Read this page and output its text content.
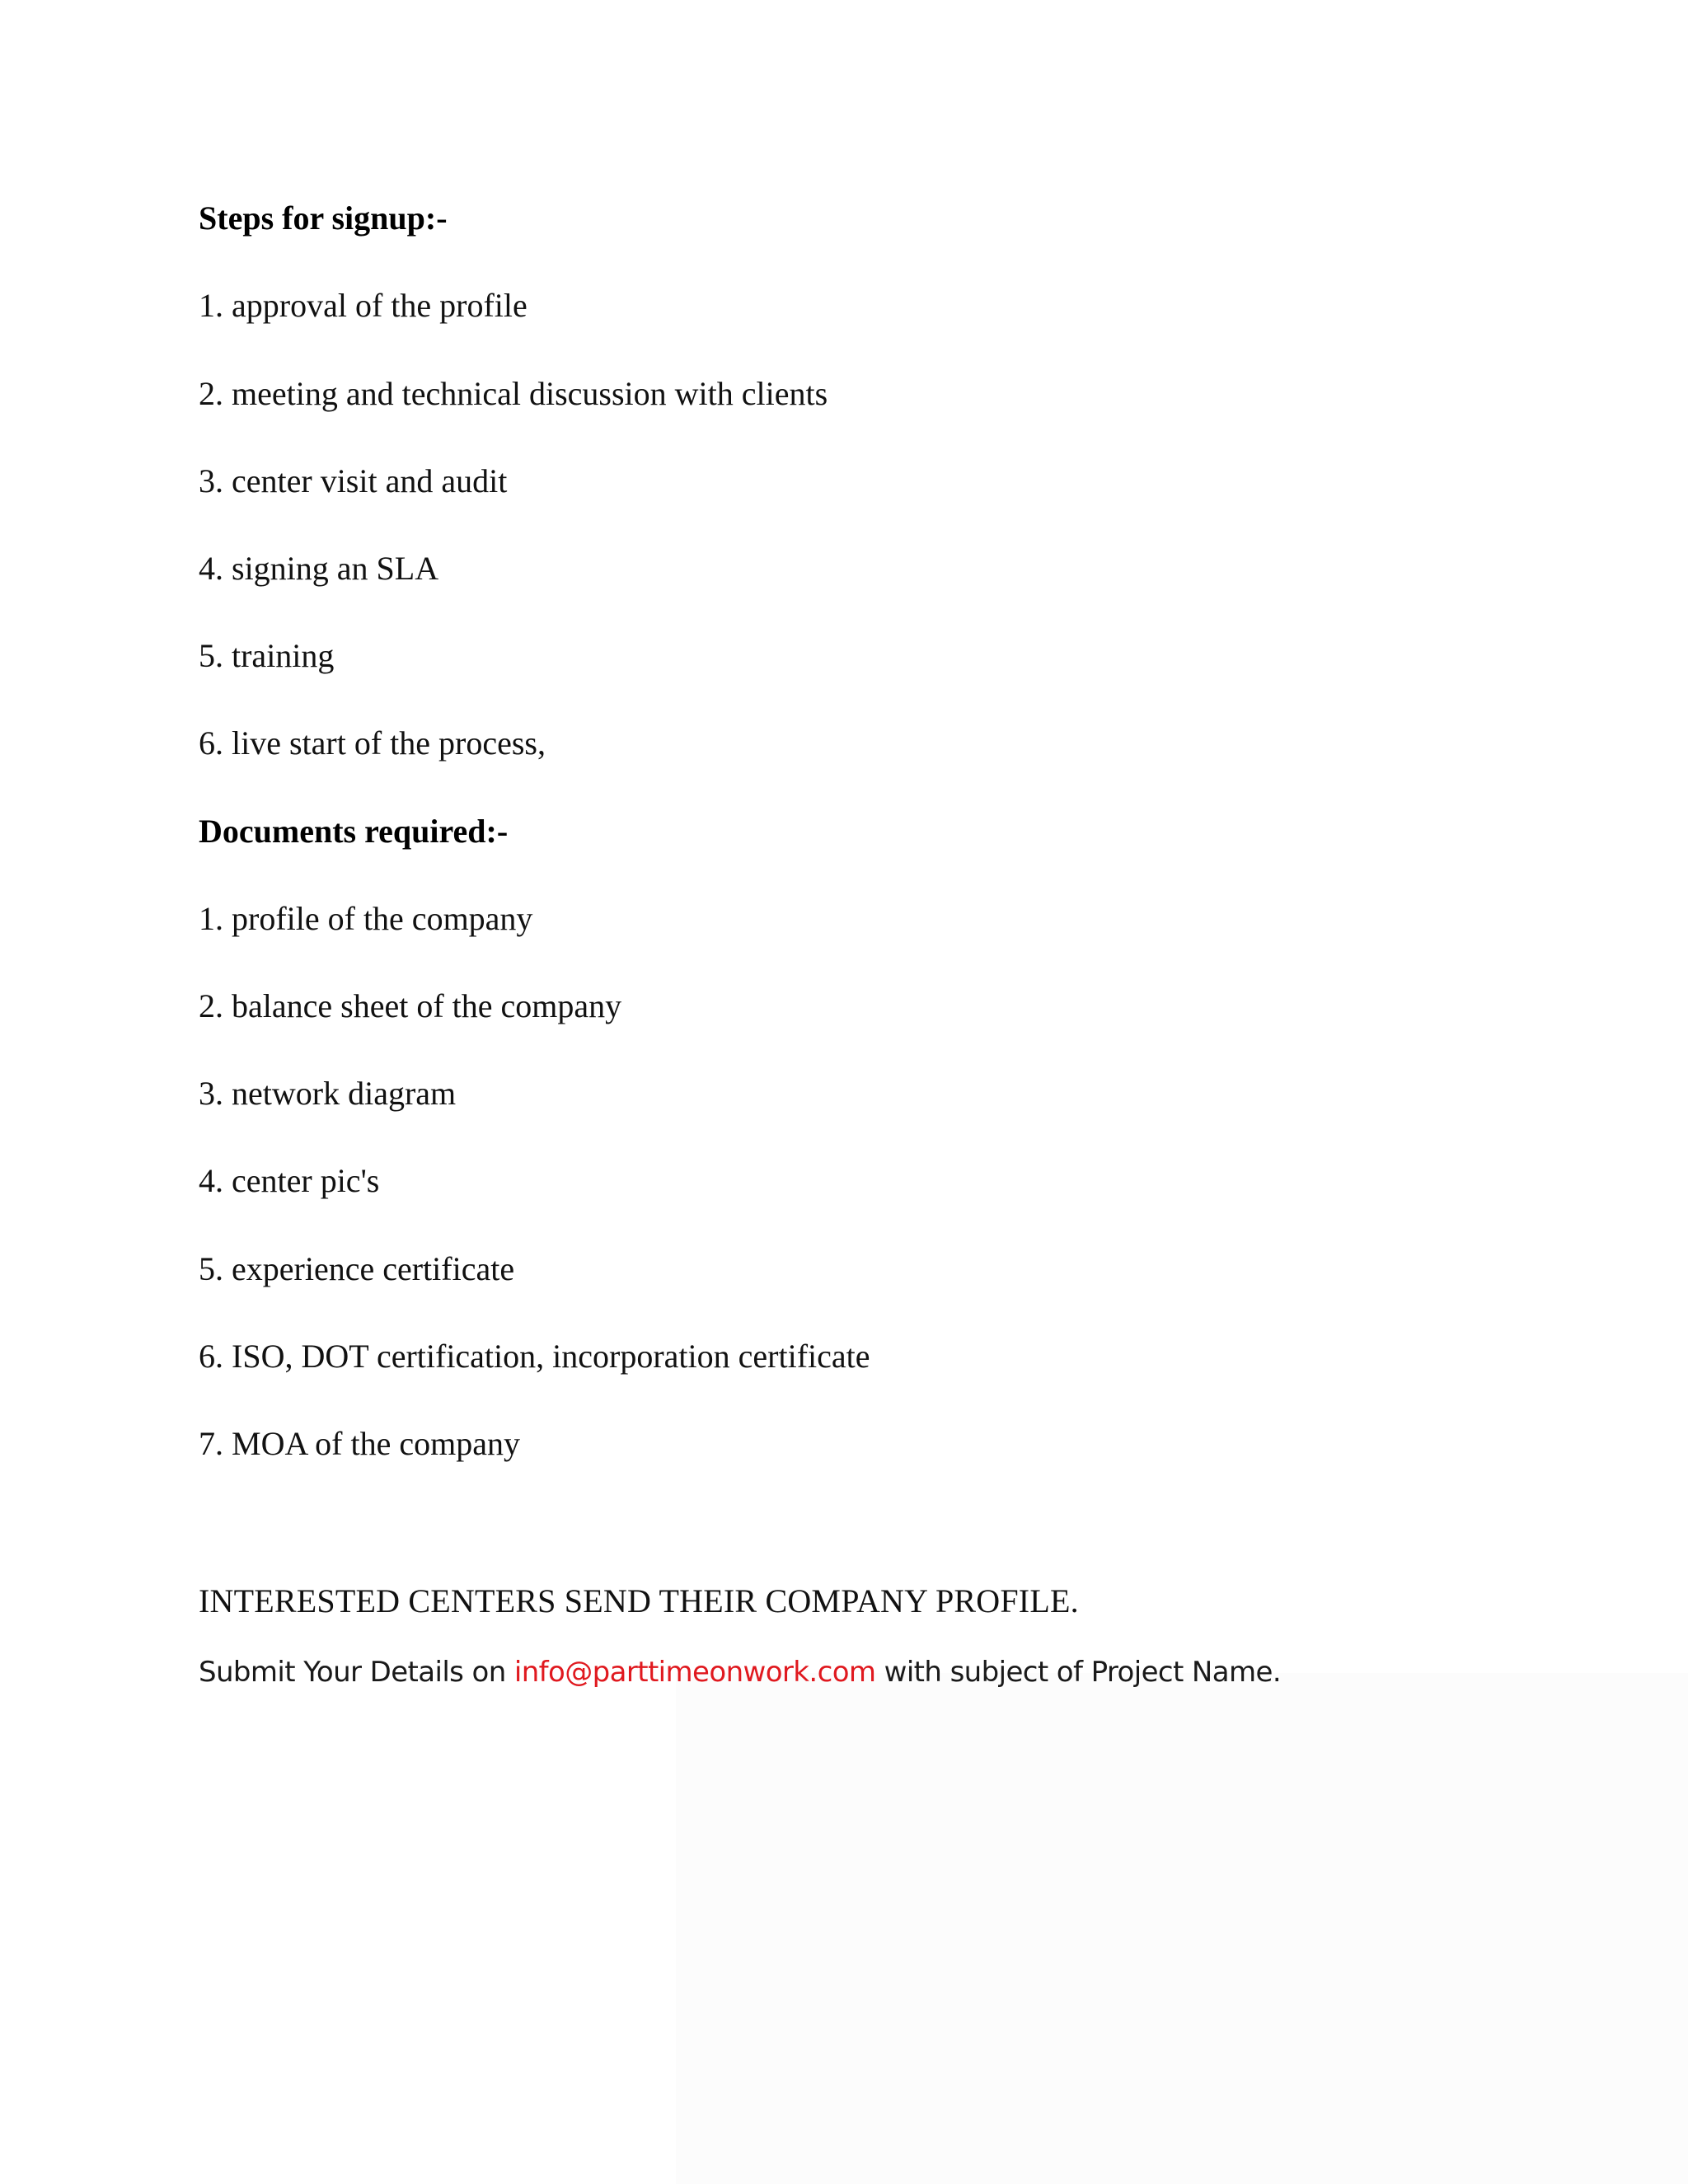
Steps for signup:-
1. approval of the profile
2. meeting and technical discussion with clients
3. center visit and audit
4. signing an SLA
5. training
6. live start of the process,
Documents required:-
1. profile of the company
2. balance sheet of the company
3. network diagram
4. center pic's
5. experience certificate
6. ISO, DOT certification, incorporation certificate
7. MOA of the company
INTERESTED CENTERS SEND THEIR COMPANY PROFILE.
Submit Your Details on info@parttimeonwork.com with subject of Project Name.
